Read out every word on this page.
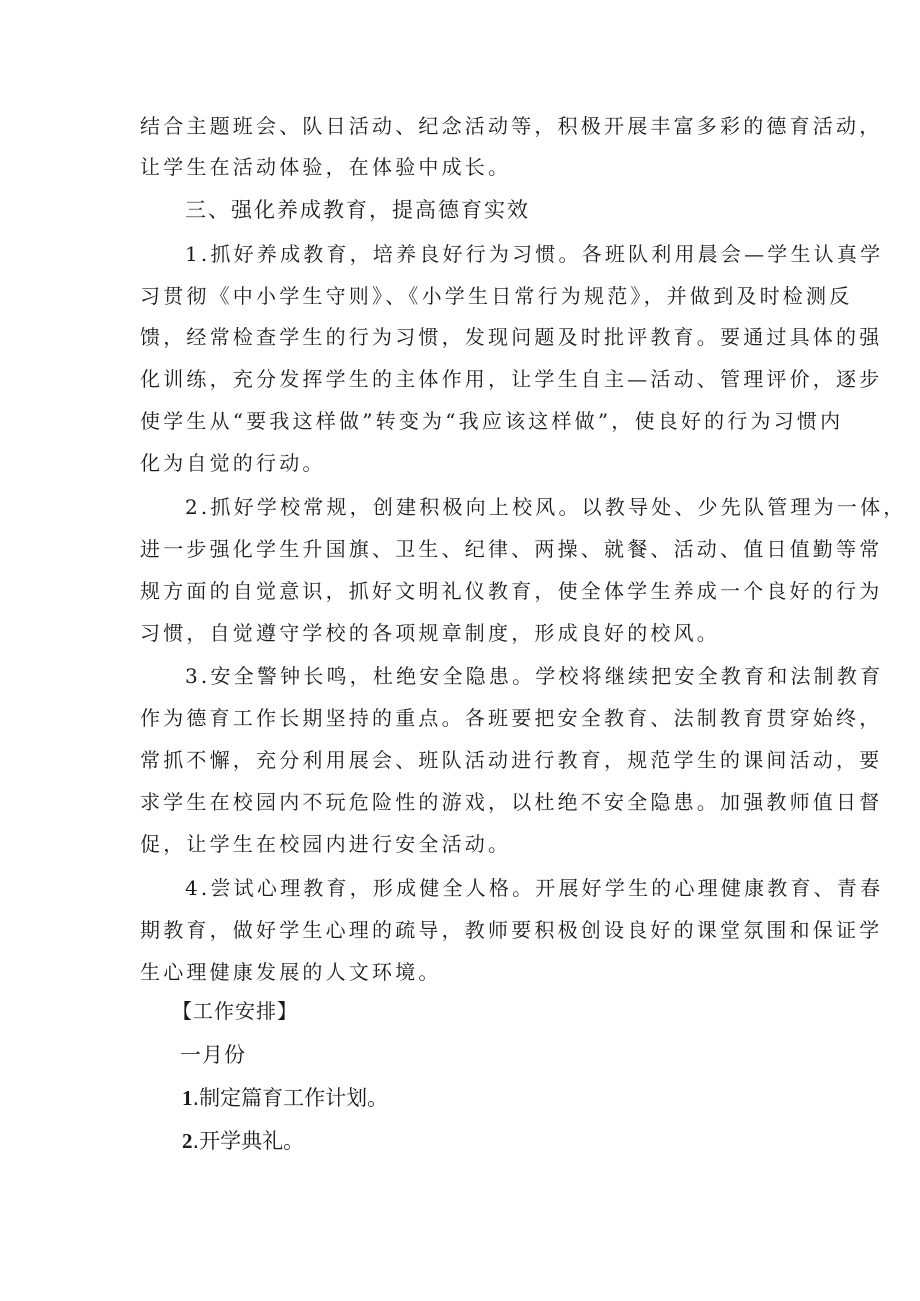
结合主题班会、队日活动、纪念活动等，积极开展丰富多彩的德育活动，
让学生在活动体验，在体验中成长。
三、强化养成教育，提高德育实效
1.抓好养成教育，培养良好行为习惯。各班队利用晨会—学生认真学
习贯彻《中小学生守则》、《小学生日常行为规范》，并做到及时检测反
馈，经常检查学生的行为习惯，发现问题及时批评教育。要通过具体的强
化训练，充分发挥学生的主体作用，让学生自主—活动、管理评价，逐步
使学生从“要我这样做”转变为“我应该这样做”，使良好的行为习惯内
化为自觉的行动。
2.抓好学校常规，创建积极向上校风。以教导处、少先队管理为一体，
进一步强化学生升国旗、卫生、纪律、两操、就餐、活动、值日值勤等常
规方面的自觉意识，抓好文明礼仪教育，使全体学生养成一个良好的行为
习惯，自觉遵守学校的各项规章制度，形成良好的校风。
3.安全警钟长鸣，杜绝安全隐患。学校将继续把安全教育和法制教育
作为德育工作长期坚持的重点。各班要把安全教育、法制教育贯穿始终，
常抓不懈，充分利用展会、班队活动进行教育，规范学生的课间活动，要
求学生在校园内不玩危险性的游戏，以杜绝不安全隐患。加强教师值日督
促，让学生在校园内进行安全活动。
4.尝试心理教育，形成健全人格。开展好学生的心理健康教育、青春
期教育，做好学生心理的疏导，教师要积极创设良好的课堂氛围和保证学
生心理健康发展的人文环境。
【工作安排】
一月份
1.制定篇育工作计划。
2.开学典礼。
